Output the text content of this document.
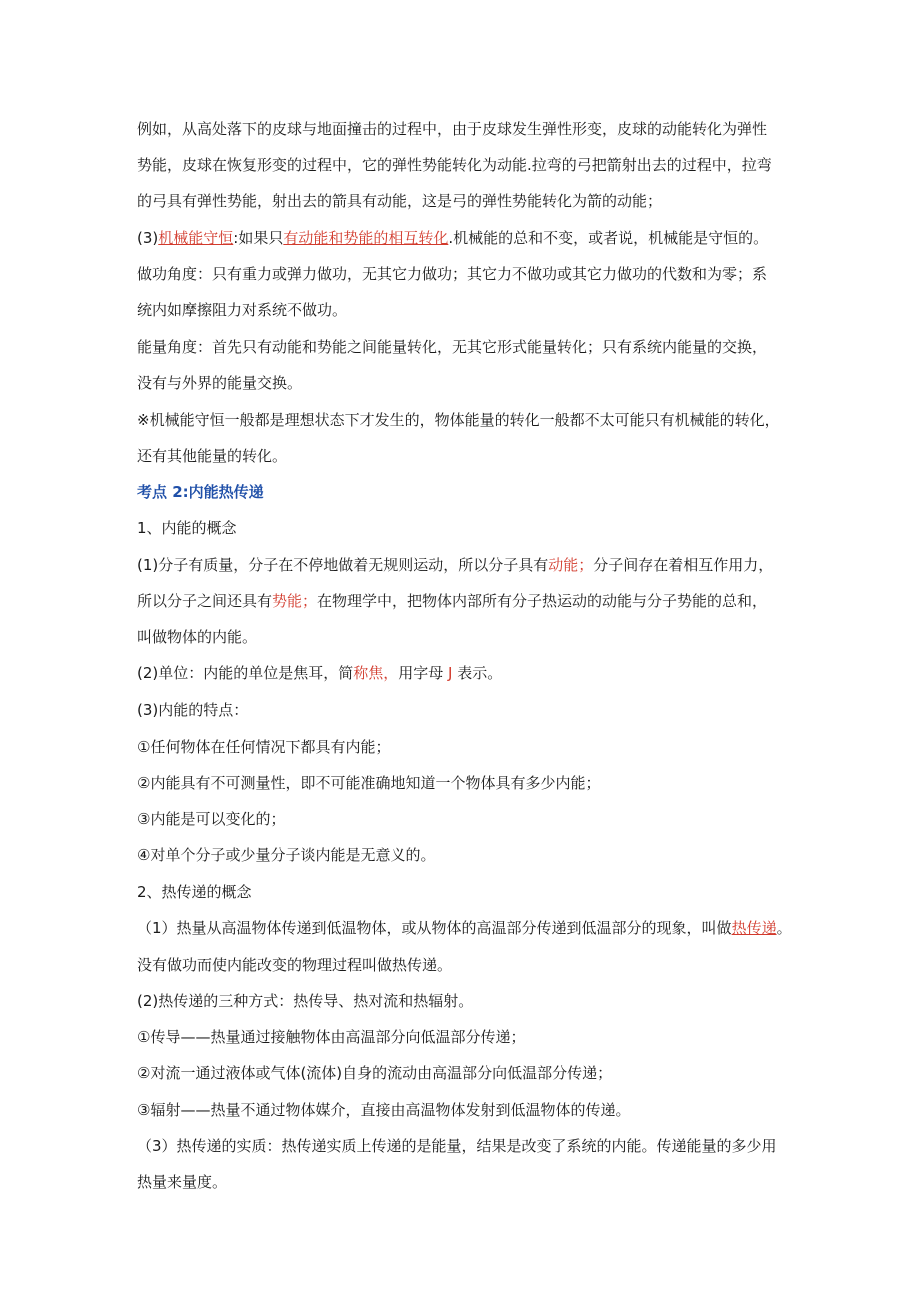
例如，从高处落下的皮球与地面撞击的过程中，由于皮球发生弹性形变，皮球的动能转化为弹性
势能，皮球在恢复形变的过程中，它的弹性势能转化为动能.拉弯的弓把箭射出去的过程中，拉弯
的弓具有弹性势能，射出去的箭具有动能，这是弓的弹性势能转化为箭的动能；
(3)机械能守恒:如果只有动能和势能的相互转化.机械能的总和不变，或者说，机械能是守恒的。
做功角度：只有重力或弹力做功，无其它力做功；其它力不做功或其它力做功的代数和为零；系
统内如摩擦阻力对系统不做功。
能量角度：首先只有动能和势能之间能量转化，无其它形式能量转化；只有系统内能量的交换，
没有与外界的能量交换。
※机械能守恒一般都是理想状态下才发生的，物体能量的转化一般都不太可能只有机械能的转化，
还有其他能量的转化。
考点 2:内能热传递
1、内能的概念
(1)分子有质量，分子在不停地做着无规则运动，所以分子具有动能；分子间存在着相互作用力，
所以分子之间还具有势能；在物理学中，把物体内部所有分子热运动的动能与分子势能的总和，
叫做物体的内能。
(2)单位：内能的单位是焦耳，简称焦，用字母 J 表示。
(3)内能的特点：
①任何物体在任何情况下都具有内能；
②内能具有不可测量性，即不可能准确地知道一个物体具有多少内能；
③内能是可以变化的；
④对单个分子或少量分子谈内能是无意义的。
2、热传递的概念
（1）热量从高温物体传递到低温物体，或从物体的高温部分传递到低温部分的现象，叫做热传递。
没有做功而使内能改变的物理过程叫做热传递。
(2)热传递的三种方式：热传导、热对流和热辐射。
①传导——热量通过接触物体由高温部分向低温部分传递；
②对流一通过液体或气体(流体)自身的流动由高温部分向低温部分传递；
③辐射——热量不通过物体媒介，直接由高温物体发射到低温物体的传递。
（3）热传递的实质：热传递实质上传递的是能量，结果是改变了系统的内能。传递能量的多少用
热量来量度。
